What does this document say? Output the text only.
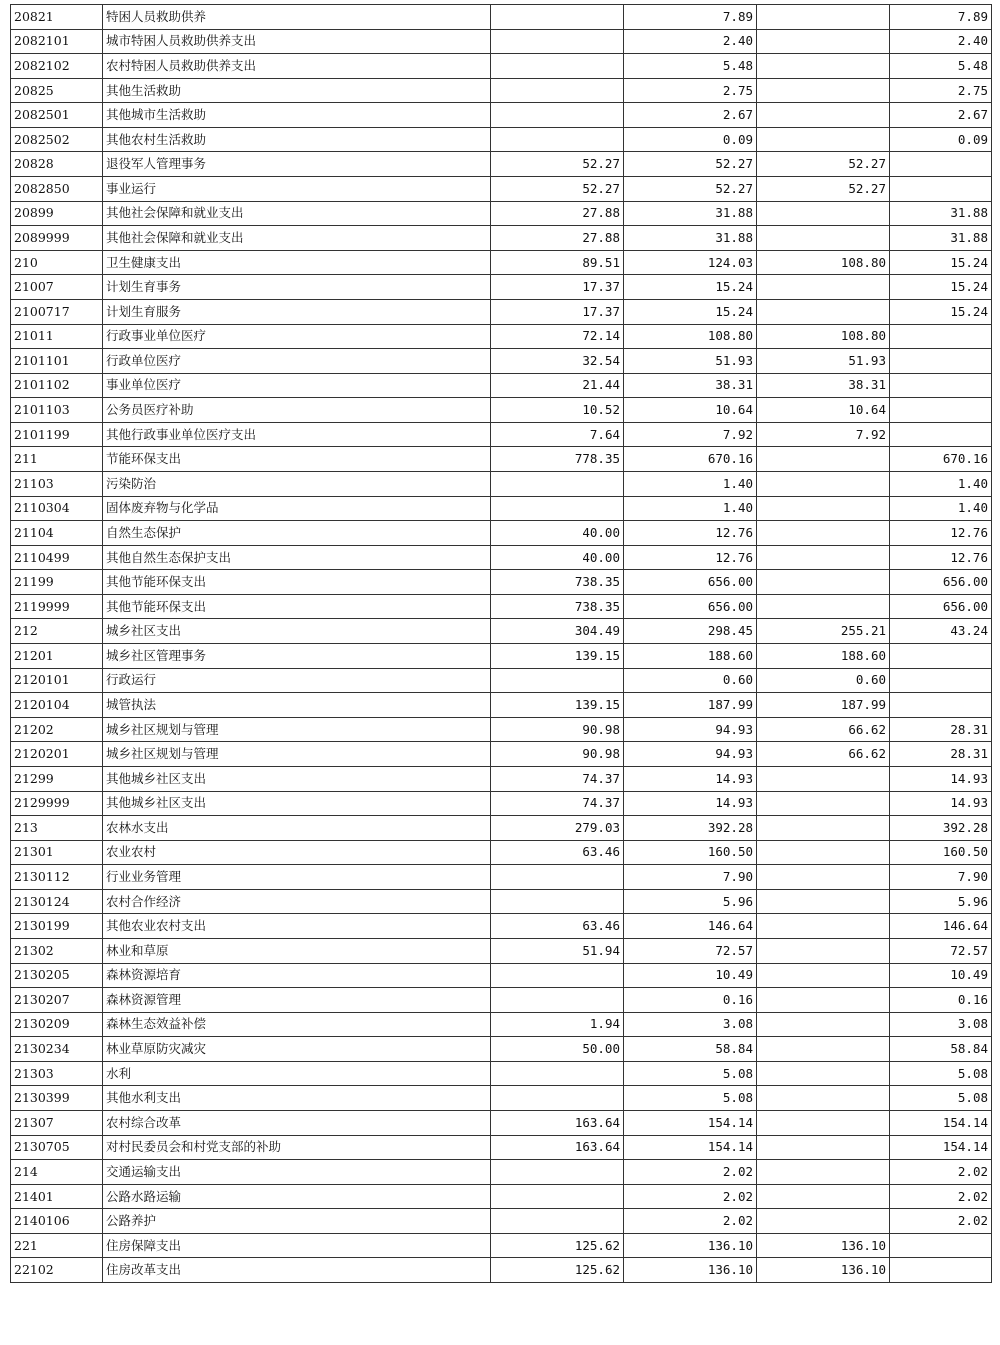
20821	特困人员救助供养		7.89		7.89
2082101	城市特困人员救助供养支出		2.40		2.40
2082102	农村特困人员救助供养支出		5.48		5.48
20825	其他生活救助		2.75		2.75
2082501	其他城市生活救助		2.67		2.67
2082502	其他农村生活救助		0.09		0.09
20828	退役军人管理事务	52.27	52.27	52.27	
2082850	事业运行	52.27	52.27	52.27	
20899	其他社会保障和就业支出	27.88	31.88		31.88
2089999	其他社会保障和就业支出	27.88	31.88		31.88
210	卫生健康支出	89.51	124.03	108.80	15.24
21007	计划生育事务	17.37	15.24		15.24
2100717	计划生育服务	17.37	15.24		15.24
21011	行政事业单位医疗	72.14	108.80	108.80	
2101101	行政单位医疗	32.54	51.93	51.93	
2101102	事业单位医疗	21.44	38.31	38.31	
2101103	公务员医疗补助	10.52	10.64	10.64	
2101199	其他行政事业单位医疗支出	7.64	7.92	7.92	
211	节能环保支出	778.35	670.16		670.16
21103	污染防治		1.40		1.40
2110304	固体废弃物与化学品		1.40		1.40
21104	自然生态保护	40.00	12.76		12.76
2110499	其他自然生态保护支出	40.00	12.76		12.76
21199	其他节能环保支出	738.35	656.00		656.00
2119999	其他节能环保支出	738.35	656.00		656.00
212	城乡社区支出	304.49	298.45	255.21	43.24
21201	城乡社区管理事务	139.15	188.60	188.60	
2120101	行政运行		0.60	0.60	
2120104	城管执法	139.15	187.99	187.99	
21202	城乡社区规划与管理	90.98	94.93	66.62	28.31
2120201	城乡社区规划与管理	90.98	94.93	66.62	28.31
21299	其他城乡社区支出	74.37	14.93		14.93
2129999	其他城乡社区支出	74.37	14.93		14.93
213	农林水支出	279.03	392.28		392.28
21301	农业农村	63.46	160.50		160.50
2130112	行业业务管理		7.90		7.90
2130124	农村合作经济		5.96		5.96
2130199	其他农业农村支出	63.46	146.64		146.64
21302	林业和草原	51.94	72.57		72.57
2130205	森林资源培育		10.49		10.49
2130207	森林资源管理		0.16		0.16
2130209	森林生态效益补偿	1.94	3.08		3.08
2130234	林业草原防灾减灾	50.00	58.84		58.84
21303	水利		5.08		5.08
2130399	其他水利支出		5.08		5.08
21307	农村综合改革	163.64	154.14		154.14
2130705	对村民委员会和村党支部的补助	163.64	154.14		154.14
214	交通运输支出		2.02		2.02
21401	公路水路运输		2.02		2.02
2140106	公路养护		2.02		2.02
221	住房保障支出	125.62	136.10	136.10	
22102	住房改革支出	125.62	136.10	136.10	
